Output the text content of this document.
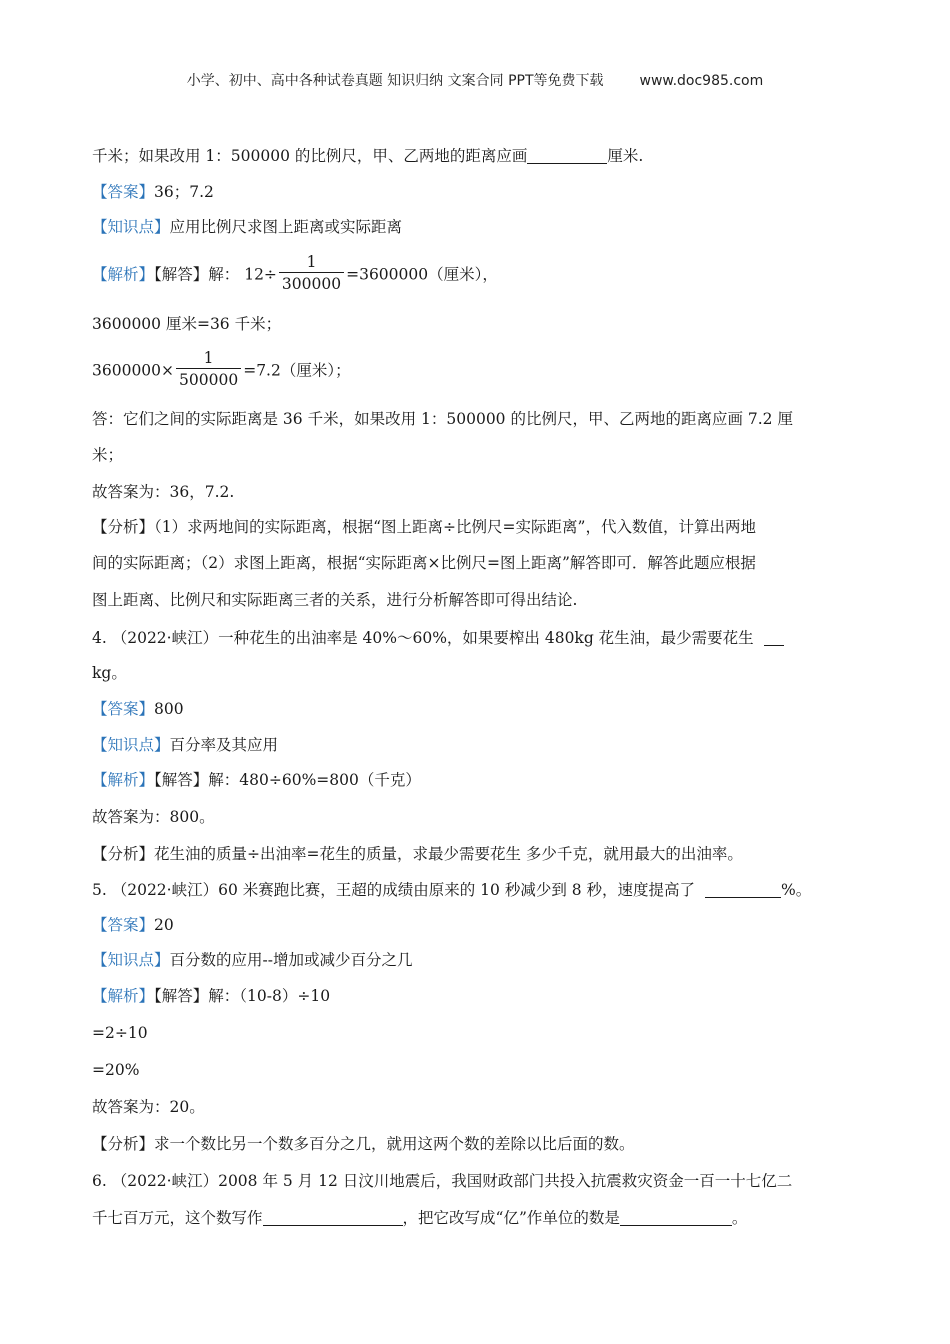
小学、初中、高中各种试卷真题 知识归纳 文案合同 PPT等免费下载	www.doc985.com
千米；如果改用 1：500000 的比例尺，甲、乙两地的距离应画	厘米.
【答案】36；7.2
【知识点】应用比例尺求图上距离或实际距离
【解析】【解答】解： $12\div \frac{1}{300000} =3600000$（厘米），
3600000 厘米=36 千米；
$3600000\times \frac{1}{500000} =7.2$（厘米）；
答：它们之间的实际距离是 36 千米，如果改用 1：500000 的比例尺，甲、乙两地的距离应画 7.2 厘
米；
故答案为：36，7.2.
【分析】（1）求两地间的实际距离，根据“图上距离÷比例尺=实际距离”，代入数值，计算出两地
间的实际距离；（2）求图上距离，根据“实际距离×比例尺=图上距离”解答即可．解答此题应根据
图上距离、比例尺和实际距离三者的关系，进行分析解答即可得出结论.
4. （2022·峡江）一种花生的出油率是 40%～60%，如果要榨出 480kg 花生油，最少需要花生
kg。
【答案】800
【知识点】百分率及其应用
【解析】【解答】解：480÷60%=800（千克）
故答案为：800。
【分析】花生油的质量÷出油率=花生的质量，求最少需要花生 多少千克，就用最大的出油率。
5. （2022·峡江）60 米赛跑比赛，王超的成绩由原来的 10 秒减少到 8 秒，速度提高了	%。
【答案】20
【知识点】百分数的应用--增加或减少百分之几
【解析】【解答】解：（10-8）÷10
=2÷10
=20%
故答案为：20。
【分析】求一个数比另一个数多百分之几，就用这两个数的差除以比后面的数。
6. （2022·峡江）2008 年 5 月 12 日汶川地震后，我国财政部门共投入抗震救灾资金一百一十七亿二
千七百万元，这个数写作	，把它改写成“亿”作单位的数是	。
